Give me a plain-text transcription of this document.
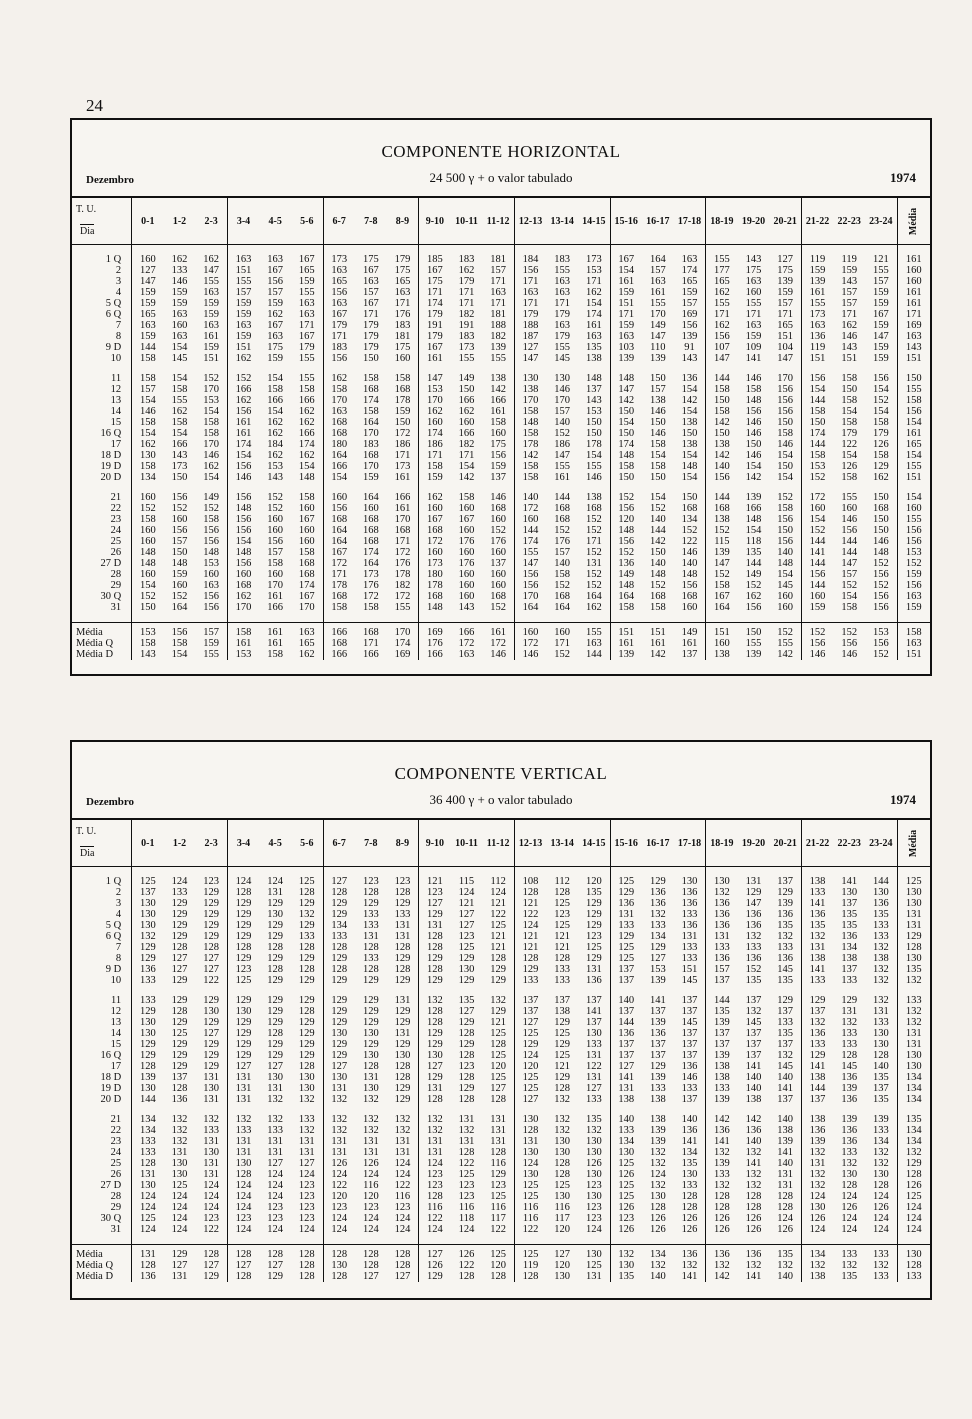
24
COMPONENTE HORIZONTAL
Dezembro	24 500 γ + o valor tabulado	1974
T. U.
Dia	0-1	1-2	2-3	3-4	4-5	5-6	6-7	7-8	8-9	9-10	10-11	11-12	12-13	13-14	14-15	15-16	16-17	17-18	18-19	19-20	20-21	21-22	22-23	23-24	Média

1 Q	160	162	162	163	163	167	173	175	179	185	183	181	184	183	173	167	164	163	155	143	127	119	119	121	161
2	127	133	147	151	167	165	163	167	175	167	162	157	156	155	153	154	157	174	177	175	175	159	159	155	160
3	147	146	155	155	156	159	165	163	165	175	179	171	171	163	171	161	163	165	165	163	139	139	143	157	160
4	159	159	163	157	157	155	156	157	163	171	171	163	163	163	162	159	161	159	162	160	159	161	157	159	161
5 Q	159	159	159	159	159	163	163	167	171	174	171	171	171	171	154	151	155	157	155	155	157	155	157	159	161
6 Q	165	163	159	159	162	163	167	171	176	179	182	181	179	179	174	171	170	169	171	171	171	173	171	167	171
7	163	160	163	163	167	171	179	179	183	191	191	188	188	163	161	159	149	156	162	163	165	163	162	159	169
8	159	163	161	159	163	167	171	179	181	179	183	182	187	179	163	163	147	139	156	159	151	136	146	147	163
9 D	144	154	159	151	175	179	183	179	175	167	173	139	127	155	135	103	110	91	107	109	104	119	143	159	143
10	158	145	151	162	159	155	156	150	160	161	155	155	147	145	138	139	139	143	147	141	147	151	151	159	151

11	158	154	152	152	154	155	162	158	158	147	149	138	130	130	148	148	150	136	144	146	170	156	158	156	150
12	157	158	170	166	158	158	158	168	168	153	150	142	138	146	137	147	157	154	158	158	156	154	150	154	155
13	154	155	153	162	166	166	170	174	178	170	166	166	170	170	143	142	138	142	150	148	156	144	158	152	158
14	146	162	154	156	154	162	163	158	159	162	162	161	158	157	153	150	146	154	158	156	156	158	154	154	156
15	158	158	158	161	162	162	168	164	150	160	160	158	148	140	150	154	150	138	142	146	150	150	158	158	154
16 Q	154	154	158	161	162	166	168	170	172	174	166	160	158	152	150	150	146	150	150	146	158	174	179	179	161
17	162	166	170	174	184	174	180	183	186	186	182	175	178	186	178	174	158	138	138	150	146	144	122	126	165
18 D	130	143	146	154	162	162	164	168	171	171	171	156	142	147	154	148	154	154	142	146	154	158	154	158	154
19 D	158	173	162	156	153	154	166	170	173	158	154	159	158	155	155	158	158	148	140	154	150	153	126	129	155
20 D	134	150	154	146	143	148	154	159	161	159	142	137	158	161	146	150	150	154	156	142	154	152	158	162	151

21	160	156	149	156	152	158	160	164	166	162	158	146	140	144	138	152	154	150	144	139	152	172	155	150	154
22	152	152	152	148	152	160	156	160	161	160	160	168	172	168	168	156	152	168	168	166	158	160	160	168	160
23	158	160	158	156	160	167	168	168	170	167	167	160	160	168	152	120	140	134	138	148	156	154	146	150	155
24	160	156	156	156	160	160	164	168	168	168	160	152	144	152	152	148	144	152	152	154	150	152	156	150	156
25	160	157	156	154	156	160	164	168	171	172	176	176	174	176	171	156	142	122	115	118	156	144	144	146	156
26	148	150	148	148	157	158	167	174	172	160	160	160	155	157	152	152	150	146	139	135	140	141	144	148	153
27 D	148	148	153	156	158	168	172	164	176	173	176	137	147	140	131	136	140	140	147	144	148	144	147	152	152
28	160	159	160	160	160	168	171	173	178	180	160	160	156	158	152	149	148	148	152	149	154	156	157	156	159
29	154	160	163	168	170	174	178	176	182	178	160	160	156	152	152	148	152	156	158	152	145	144	152	152	156
30 Q	152	152	156	162	161	167	168	172	172	168	160	168	170	168	164	164	168	168	167	162	160	160	154	156	163
31	150	164	156	170	166	170	158	158	155	148	143	152	164	164	162	158	158	160	164	156	160	159	158	156	159

Média	153	156	157	158	161	163	166	168	170	169	166	161	160	160	155	151	151	149	151	150	152	152	152	153	158
Média Q	158	158	159	161	161	165	168	171	174	176	172	172	172	171	163	161	161	161	160	155	155	156	156	156	163
Média D	143	154	155	153	158	162	166	166	169	166	163	146	146	152	144	139	142	137	138	139	142	146	146	152	151
COMPONENTE VERTICAL
Dezembro	36 400 γ + o valor tabulado	1974
T. U.
Dia	0-1	1-2	2-3	3-4	4-5	5-6	6-7	7-8	8-9	9-10	10-11	11-12	12-13	13-14	14-15	15-16	16-17	17-18	18-19	19-20	20-21	21-22	22-23	23-24	Média

1 Q	125	124	123	124	124	125	127	123	123	121	115	112	108	112	120	125	129	130	130	131	137	138	141	144	125
2	137	133	129	128	131	128	128	128	128	123	124	124	128	128	135	129	136	136	132	129	129	133	130	130	130
3	130	129	129	129	129	129	129	129	129	127	121	121	121	125	129	136	136	136	136	147	139	141	137	136	130
4	130	129	129	129	130	132	129	133	133	129	127	122	122	123	129	131	132	133	136	136	136	136	135	135	131
5 Q	130	129	129	129	129	129	134	133	131	131	127	125	124	125	129	133	133	136	136	136	135	135	135	133	131
6 Q	132	129	129	129	129	133	133	131	131	128	123	121	121	121	123	129	134	131	131	132	132	132	136	133	129
7	129	128	128	128	128	128	128	128	128	128	125	121	121	121	125	125	129	133	133	133	133	131	134	132	128
8	129	127	127	129	129	129	129	133	129	129	129	128	128	128	129	125	127	133	136	136	136	138	138	138	130
9 D	136	127	127	123	128	128	128	128	128	128	130	129	129	133	131	137	153	151	157	152	145	141	137	132	135
10	133	129	122	125	129	129	129	129	129	129	129	129	133	133	136	137	139	145	137	135	135	133	133	132	132

11	133	129	129	129	129	129	129	129	131	132	135	132	137	137	137	140	141	137	144	137	129	129	129	132	133
12	129	128	130	130	129	128	129	129	129	128	127	129	137	138	141	137	137	137	135	132	137	137	131	131	132
13	130	129	129	129	129	129	129	129	129	128	129	121	127	129	137	144	139	145	139	145	133	132	132	133	132
14	130	125	127	129	128	129	130	130	131	129	128	125	125	125	130	136	136	137	137	137	135	136	133	130	131
15	129	129	129	129	129	129	129	129	129	129	129	128	129	129	133	137	137	137	137	137	137	133	133	130	131
16 Q	129	129	129	129	129	129	129	130	130	130	128	125	124	125	131	137	137	137	139	137	132	129	128	128	130
17	128	129	129	127	127	128	127	128	128	127	123	120	120	121	122	127	129	136	138	141	145	141	145	140	130
18 D	139	137	131	131	130	130	130	131	128	129	128	125	125	129	131	141	139	146	138	140	140	138	136	135	134
19 D	130	128	130	131	131	130	131	130	129	131	129	127	125	128	127	131	133	133	133	140	141	144	139	137	134
20 D	144	136	131	131	132	132	132	132	129	128	128	128	127	132	133	138	138	137	139	138	137	137	136	135	134

21	134	132	132	132	132	133	132	132	132	132	131	131	130	132	135	140	138	140	142	142	140	138	139	139	135
22	134	132	133	133	133	132	132	132	132	132	132	131	128	132	132	133	139	136	136	136	138	136	136	133	134
23	133	132	131	131	131	131	131	131	131	131	131	131	131	130	130	134	139	141	141	140	139	139	136	134	134
24	133	131	130	131	131	131	131	131	131	131	128	128	130	130	130	130	132	134	132	132	141	132	133	132	132
25	128	130	131	130	127	127	126	126	124	124	122	116	124	128	126	125	132	135	139	141	140	131	132	132	129
26	131	130	131	128	124	124	124	124	124	123	125	129	130	128	130	126	124	130	133	132	131	132	130	130	128
27 D	130	125	124	124	124	123	122	116	122	123	123	123	125	125	123	125	132	133	132	132	131	132	128	128	126
28	124	124	124	124	124	123	120	120	116	128	123	125	125	130	130	125	130	128	128	128	128	124	124	124	125
29	124	124	124	124	123	123	123	123	123	116	116	116	116	116	123	126	128	128	128	128	128	130	126	126	124
30 Q	125	124	123	123	123	123	124	124	124	122	118	117	116	117	123	123	126	126	126	126	124	126	124	124	124
31	124	124	122	124	124	124	124	124	124	124	124	122	122	120	124	126	126	126	126	126	126	124	124	124	124

Média	131	129	128	128	128	128	128	128	128	127	126	125	125	127	130	132	134	136	136	136	135	134	133	133	130
Média Q	128	127	127	127	127	128	130	128	128	126	122	120	119	120	125	130	132	132	132	132	132	132	132	132	128
Média D	136	131	129	128	129	128	128	127	127	129	128	128	128	130	131	135	140	141	142	141	140	138	135	133	133
